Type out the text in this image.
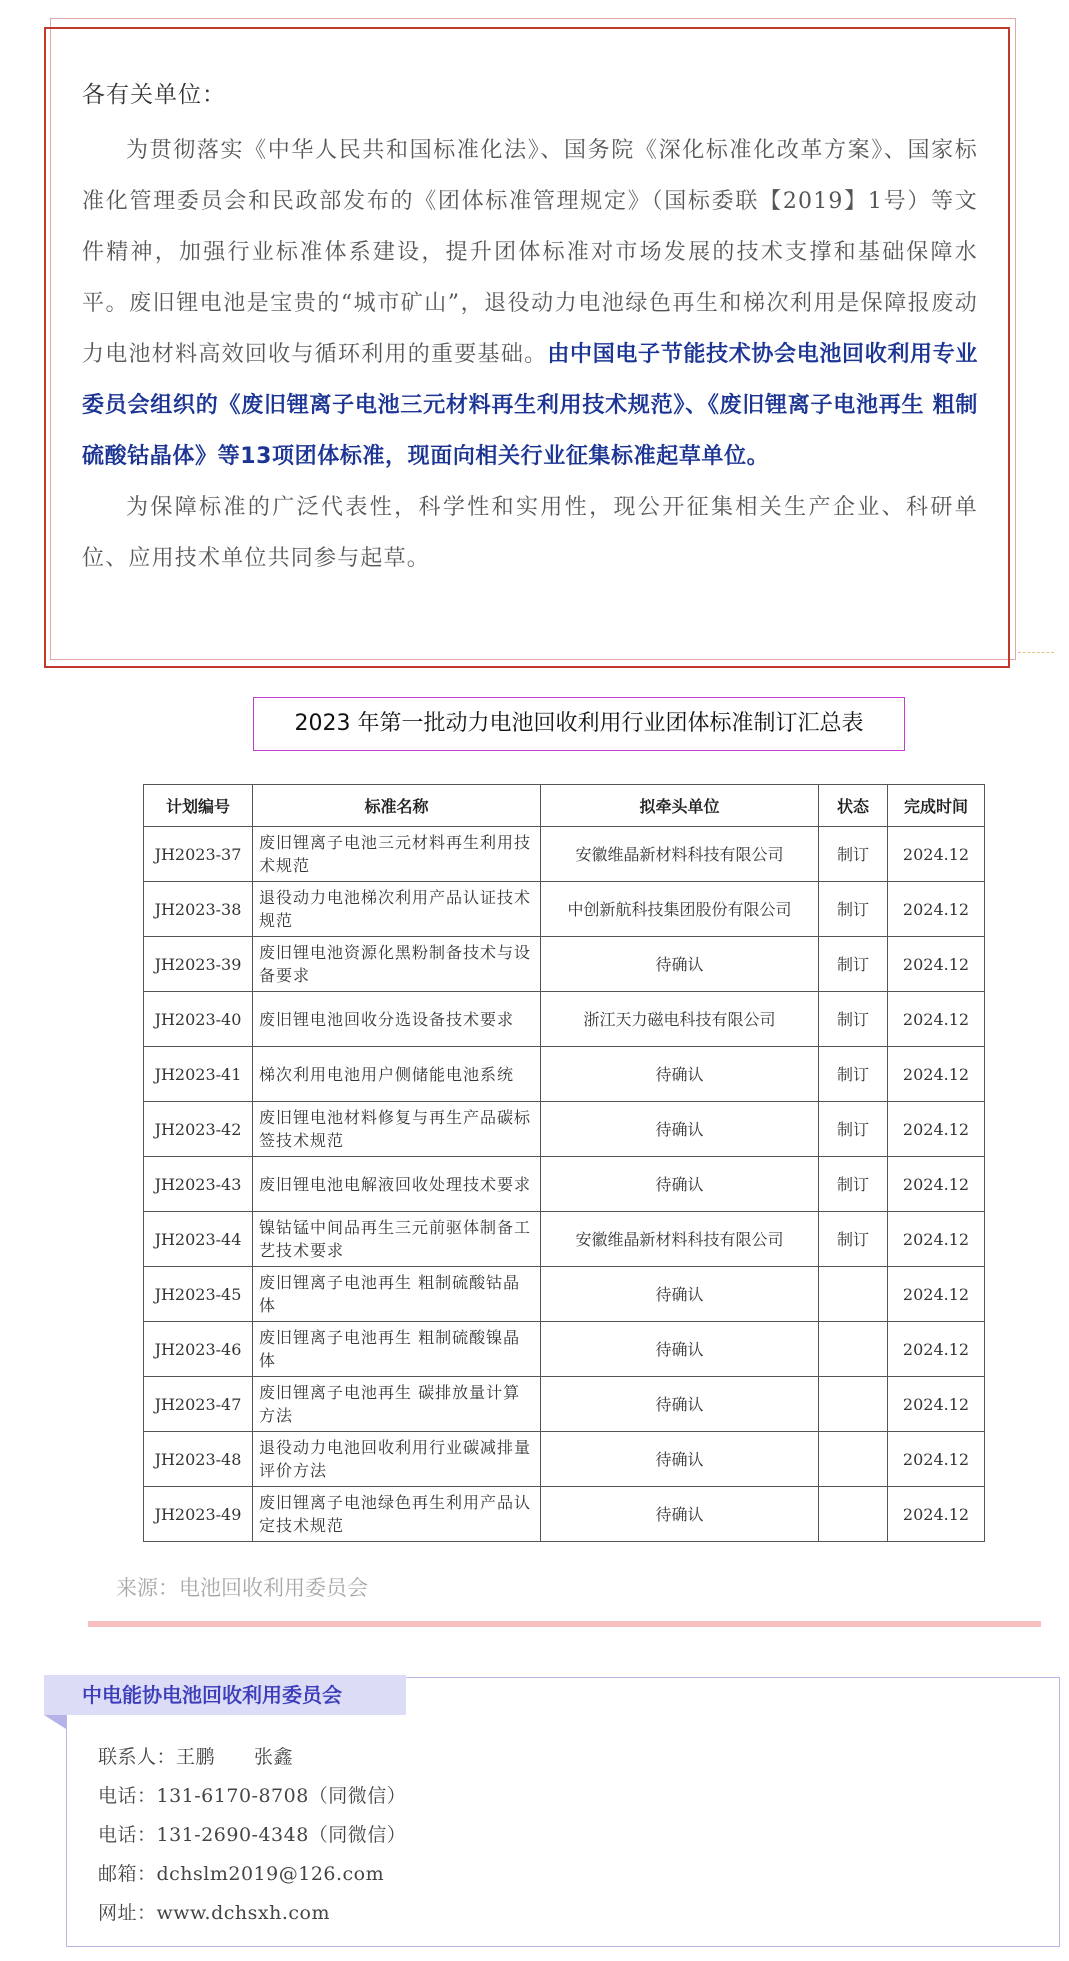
各有关单位：

为贯彻落实《中华人民共和国标准化法》、国务院《深化标准化改革方案》、国家标准化管理委员会和民政部发布的《团体标准管理规定》（国标委联【2019】1号）等文件精神，加强行业标准体系建设，提升团体标准对市场发展的技术支撑和基础保障水平。废旧锂电池是宝贵的“城市矿山”，退役动力电池绿色再生和梯次利用是保障报废动力电池材料高效回收与循环利用的重要基础。由中国电子节能技术协会电池回收利用专业委员会组织的《废旧锂离子电池三元材料再生利用技术规范》、《废旧锂离子电池再生 粗制硫酸钴晶体》等13项团体标准，现面向相关行业征集标准起草单位。

为保障标准的广泛代表性，科学性和实用性，现公开征集相关生产企业、科研单位、应用技术单位共同参与起草。

2023 年第一批动力电池回收利用行业团体标准制订汇总表
计划编号	标准名称	拟牵头单位	状态	完成时间
JH2023-37	废旧锂离子电池三元材料再生利用技术规范	安徽维晶新材料科技有限公司	制订	2024.12
JH2023-38	退役动力电池梯次利用产品认证技术规范	中创新航科技集团股份有限公司	制订	2024.12
JH2023-39	废旧锂电池资源化黑粉制备技术与设备要求	待确认	制订	2024.12
JH2023-40	废旧锂电池回收分选设备技术要求	浙江天力磁电科技有限公司	制订	2024.12
JH2023-41	梯次利用电池用户侧储能电池系统	待确认	制订	2024.12
JH2023-42	废旧锂电池材料修复与再生产品碳标签技术规范	待确认	制订	2024.12
JH2023-43	废旧锂电池电解液回收处理技术要求	待确认	制订	2024.12
JH2023-44	镍钴锰中间品再生三元前驱体制备工艺技术要求	安徽维晶新材料科技有限公司	制订	2024.12
JH2023-45	废旧锂离子电池再生 粗制硫酸钴晶体	待确认		2024.12
JH2023-46	废旧锂离子电池再生 粗制硫酸镍晶体	待确认		2024.12
JH2023-47	废旧锂离子电池再生 碳排放量计算方法	待确认		2024.12
JH2023-48	退役动力电池回收利用行业碳减排量评价方法	待确认		2024.12
JH2023-49	废旧锂离子电池绿色再生利用产品认定技术规范	待确认		2024.12
来源：电池回收利用委员会
中电能协电池回收利用委员会
联系人：王鹏　　张鑫
电话：131-6170-8708（同微信）
电话：131-2690-4348（同微信）
邮箱：dchslm2019@126.com
网址：www.dchsxh.com
